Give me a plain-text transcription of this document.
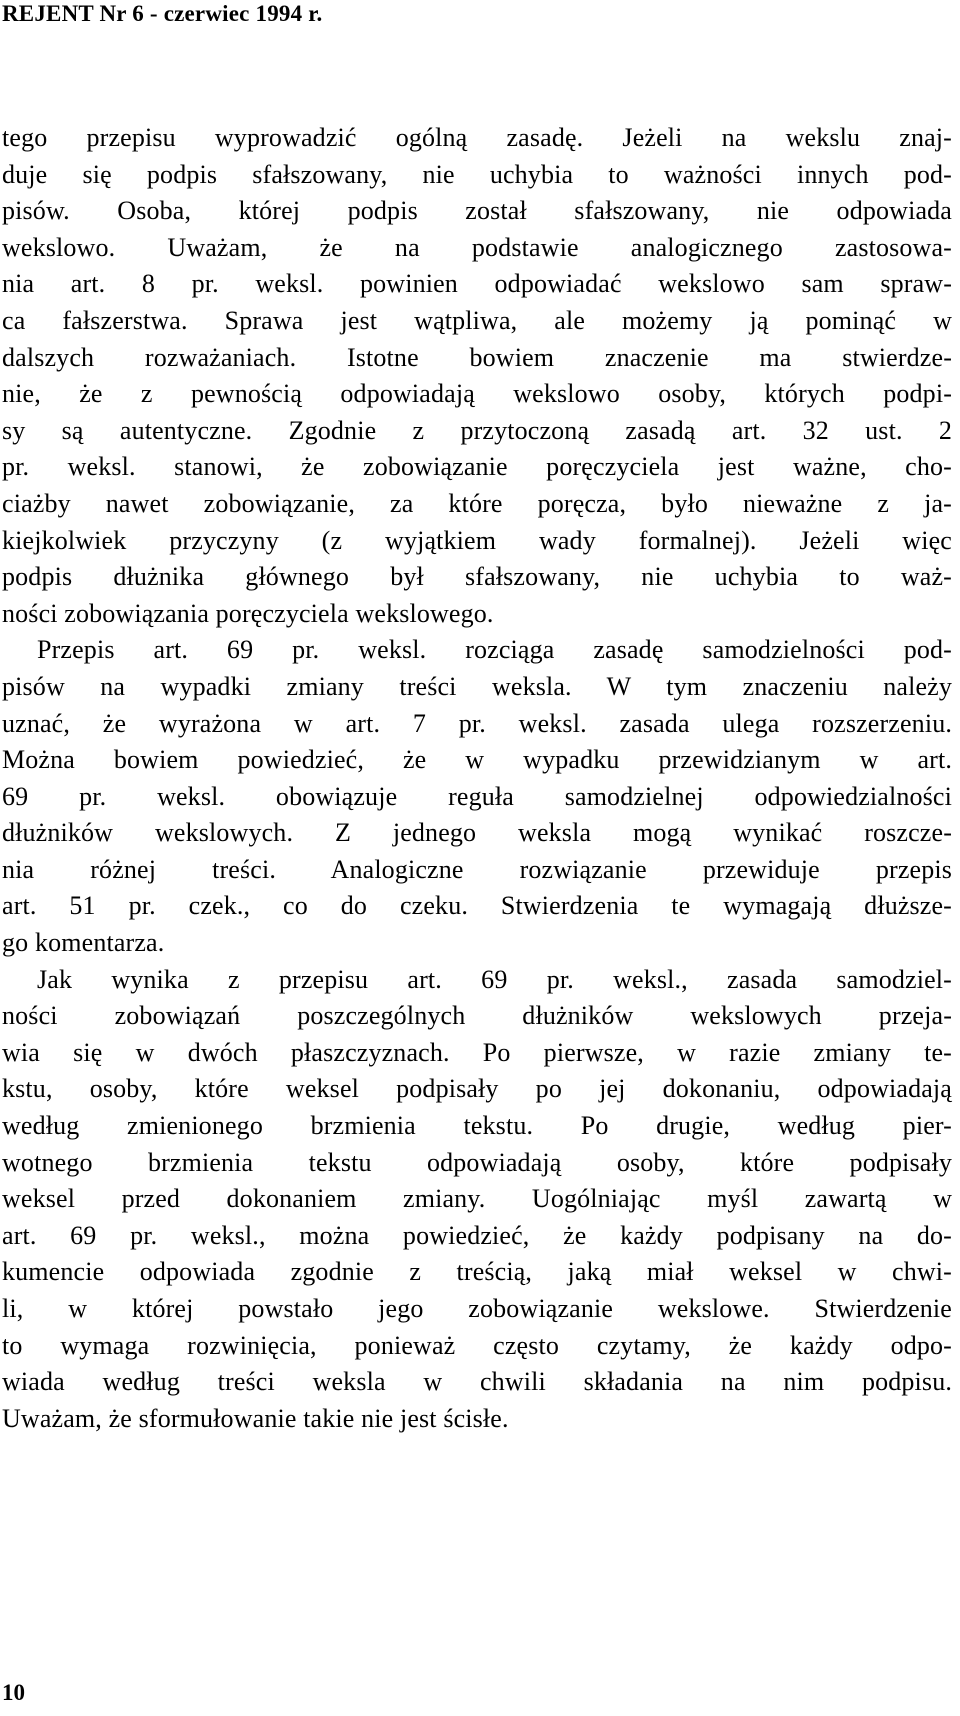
REJENT Nr 6 - czerwiec 1994 r.
tego przepisu wyprowadzić ogólną zasadę. Jeżeli na wekslu znaj-
duje się podpis sfałszowany, nie uchybia to ważności innych pod-
pisów. Osoba, której podpis został sfałszowany, nie odpowiada
wekslowo. Uważam, że na podstawie analogicznego zastosowa-
nia art. 8 pr. weksl. powinien odpowiadać wekslowo sam spraw-
ca fałszerstwa. Sprawa jest wątpliwa, ale możemy ją pominąć w
dalszych rozważaniach. Istotne bowiem znaczenie ma stwierdze-
nie, że z pewnością odpowiadają wekslowo osoby, których podpi-
sy są autentyczne. Zgodnie z przytoczoną zasadą art. 32 ust. 2
pr. weksl. stanowi, że zobowiązanie poręczyciela jest ważne, cho-
ciażby nawet zobowiązanie, za które poręcza, było nieważne z ja-
kiejkolwiek przyczyny (z wyjątkiem wady formalnej). Jeżeli więc
podpis dłużnika głównego był sfałszowany, nie uchybia to waż-
ności zobowiązania poręczyciela wekslowego.
Przepis art. 69 pr. weksl. rozciąga zasadę samodzielności pod-
pisów na wypadki zmiany treści weksla. W tym znaczeniu należy
uznać, że wyrażona w art. 7 pr. weksl. zasada ulega rozszerzeniu.
Można bowiem powiedzieć, że w wypadku przewidzianym w art.
69 pr. weksl. obowiązuje reguła samodzielnej odpowiedzialności
dłużników wekslowych. Z jednego weksla mogą wynikać roszcze-
nia różnej treści. Analogiczne rozwiązanie przewiduje przepis
art. 51 pr. czek., co do czeku. Stwierdzenia te wymagają dłuższe-
go komentarza.
Jak wynika z przepisu art. 69 pr. weksl., zasada samodziel-
ności zobowiązań poszczególnych dłużników wekslowych przeja-
wia się w dwóch płaszczyznach. Po pierwsze, w razie zmiany te-
kstu, osoby, które weksel podpisały po jej dokonaniu, odpowiadają
według zmienionego brzmienia tekstu. Po drugie, według pier-
wotnego brzmienia tekstu odpowiadają osoby, które podpisały
weksel przed dokonaniem zmiany. Uogólniając myśl zawartą w
art. 69 pr. weksl., można powiedzieć, że każdy podpisany na do-
kumencie odpowiada zgodnie z treścią, jaką miał weksel w chwi-
li, w której powstało jego zobowiązanie wekslowe. Stwierdzenie
to wymaga rozwinięcia, ponieważ często czytamy, że każdy odpo-
wiada według treści weksla w chwili składania na nim podpisu.
Uważam, że sformułowanie takie nie jest ścisłe.
10
